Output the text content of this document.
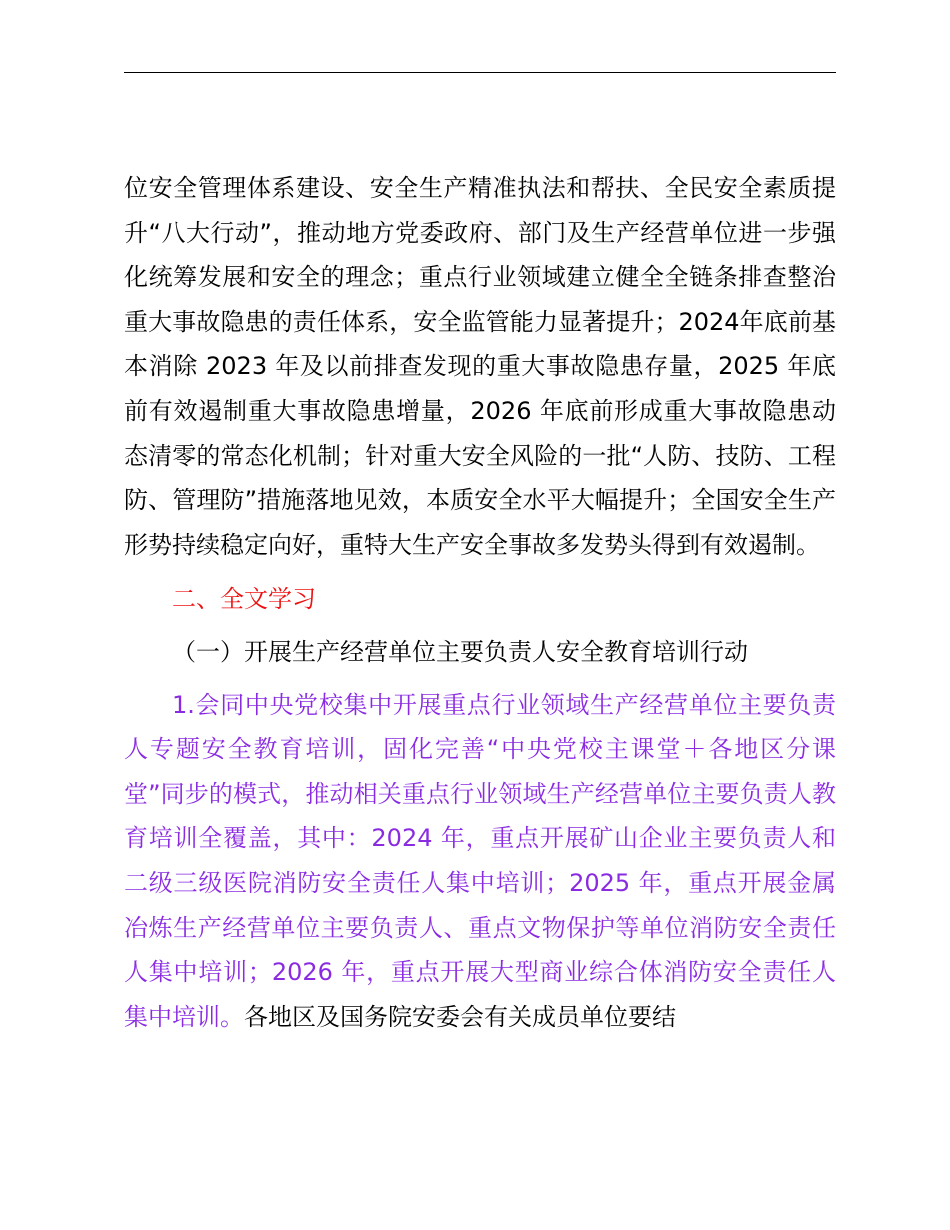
位安全管理体系建设、安全生产精准执法和帮扶、全民安全素质提升“八大行动”，推动地方党委政府、部门及生产经营单位进一步强化统筹发展和安全的理念；重点行业领域建立健全全链条排查整治重大事故隐患的责任体系，安全监管能力显著提升；2024年底前基本消除 2023 年及以前排查发现的重大事故隐患存量，2025 年底前有效遏制重大事故隐患增量，2026 年底前形成重大事故隐患动态清零的常态化机制；针对重大安全风险的一批“人防、技防、工程防、管理防”措施落地见效，本质安全水平大幅提升；全国安全生产形势持续稳定向好，重特大生产安全事故多发势头得到有效遏制。

二、全文学习

（一）开展生产经营单位主要负责人安全教育培训行动

1.会同中央党校集中开展重点行业领域生产经营单位主要负责人专题安全教育培训，固化完善“中央党校主课堂＋各地区分课堂”同步的模式，推动相关重点行业领域生产经营单位主要负责人教育培训全覆盖，其中：2024 年，重点开展矿山企业主要负责人和二级三级医院消防安全责任人集中培训；2025 年，重点开展金属冶炼生产经营单位主要负责人、重点文物保护等单位消防安全责任人集中培训；2026 年，重点开展大型商业综合体消防安全责任人集中培训。各地区及国务院安委会有关成员单位要结
